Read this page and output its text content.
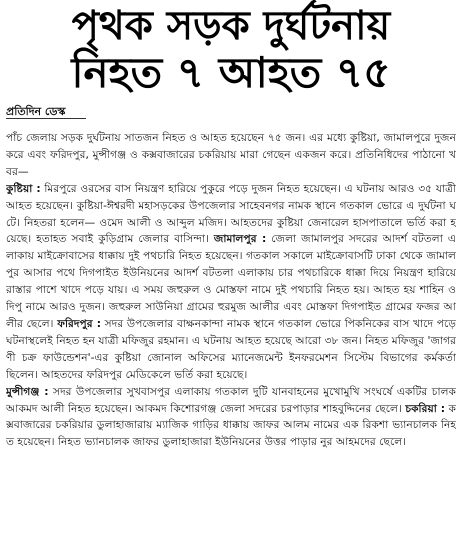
পৃথক সড়ক দুর্ঘটনায়
নিহত ৭ আহত ৭৫
প্রতিদিন ডেস্ক

পাঁচ জেলায় সড়ক দুর্ঘটনায় সাতজন নিহত ও আহত হয়েছেন ৭৫ জন। এর মধ্যে কুষ্টিয়া, জামালপুরে দুজন করে এবং ফরিদপুর, মুন্সীগঞ্জ ও কক্সবাজারের চকরিয়ায় মারা গেছেন একজন করে। প্রতিনিধিদের পাঠানো খবর—

কুষ্টিয়া : মিরপুরে ওরসের বাস নিয়ন্ত্রণ হারিয়ে পুকুরে পড়ে দুজন নিহত হয়েছেন। এ ঘটনায় আরও ৩৫ যাত্রী আহত হয়েছেন। কুষ্টিয়া-ঈশ্বরদী মহাসড়কের উপজেলার সাহেবনগর নামক স্থানে গতকাল ভোরে এ দুর্ঘটনা ঘটে। নিহতরা হলেন— ওমেদ আলী ও আব্দুল মজিদ। আহতদের কুষ্টিয়া জেনারেল হাসপাতালে ভর্তি করা হয়েছে। হতাহত সবাই কুড়িগ্রাম জেলার বাসিন্দা। জামালপুর : জেলা জামালপুর সদরের আদর্শ বটতলা এলাকায় মাইক্রোবাসের ধাক্কায় দুই পথচারি নিহত হয়েছেন। গতকাল সকালে মাইক্রোবাসটি ঢাকা থেকে জামালপুর আসার পথে দিগপাইত ইউনিয়নের আদর্শ বটতলা এলাকায় চার পথচারিকে ধাক্কা দিয়ে নিয়ন্ত্রণ হারিয়ে রাস্তার পাশে খাদে পড়ে যায়। এ সময় জহুরুল ও মোস্তফা নামে দুই পথচারি নিহত হয়। আহত হয় শাহিন ও দিপু নামে আরও দুজন। জহুরুল সাউনিয়া গ্রামের হুরমুজ আলীর এবং মোস্তফা দিগপাইত গ্রামের ফজর আলীর ছেলে। ফরিদপুর : সদর উপজেলার বাক্ষনকান্দা নামক স্থানে গতকাল ভোরে পিকনিকের বাস খাদে পড়ে ঘটনাস্থলেই নিহত হন যাত্রী মফিজুর রহমান। এ ঘটনায় আহত হয়েছে আরো ৩৮ জন। নিহত মফিজুর 'জাগরণী চক্র ফাউন্ডেশন'-এর কুষ্টিয়া জোনাল অফিসের ম্যানেজমেন্ট ইনফরমেশন সিস্টেম বিভাগের কর্মকর্তা ছিলেন। আহতদের ফরিদপুর মেডিকেলে ভর্তি করা হয়েছে।

মুন্সীগঞ্জ : সদর উপজেলার সুখবাসপুর এলাকায় গতকাল দুটি যানবাহনের মুখোমুখি সংঘর্ষে একটির চালক আকমদ আলী নিহত হয়েছেন। আকমদ কিশোরগঞ্জ জেলা সদরের চরপাড়ার শাহবুদ্দিনের ছেলে। চকরিয়া : কক্সবাজারের চকরিয়ার ডুলাহাজারায় ম্যাজিক গাড়ির ধাক্কায় জাফর আলম নামের এক রিকশা ভ্যানচালক নিহত হয়েছেন। নিহত ভ্যানচালক জাফর ডুলাহাজারা ইউনিয়নের উত্তর পাড়ার নুর আহমদের ছেলে।
